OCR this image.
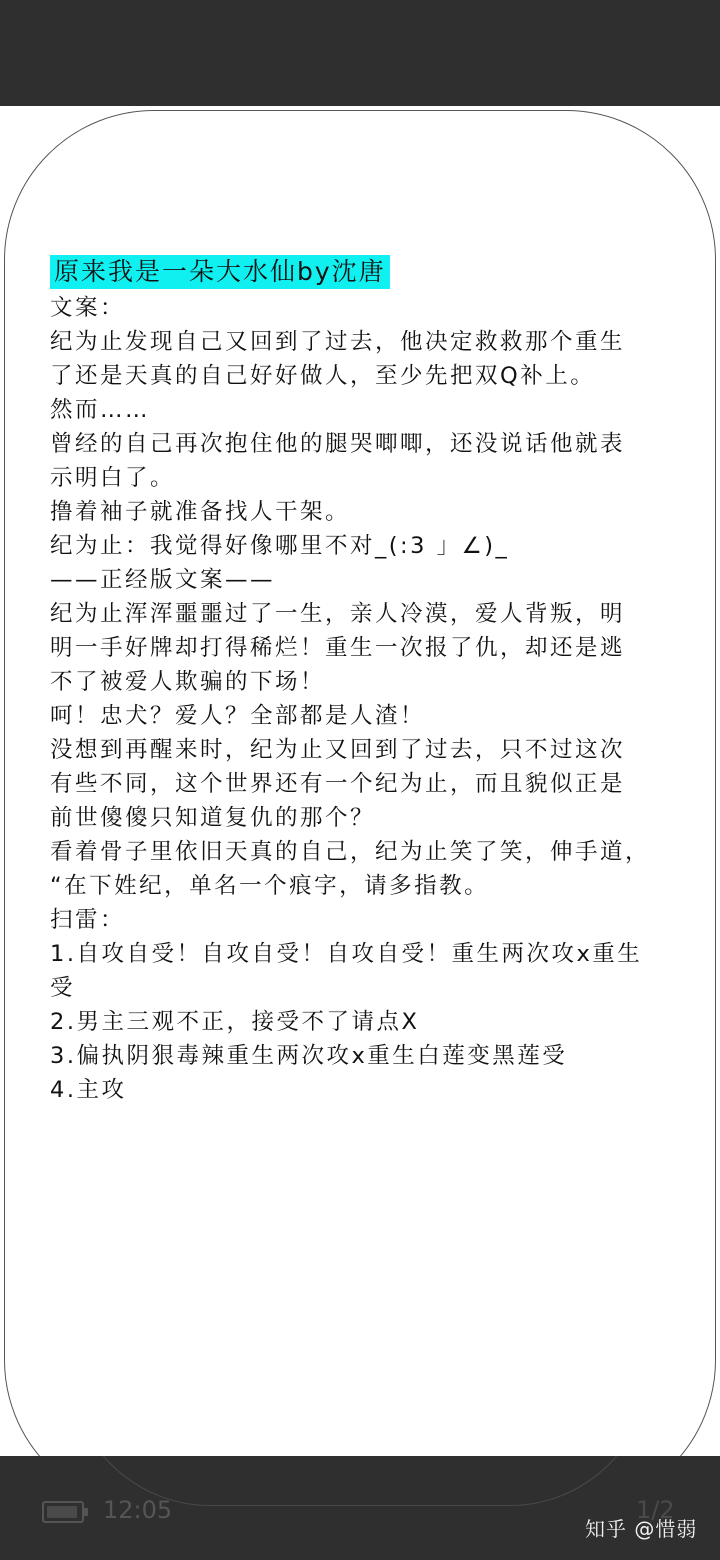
原来我是一朵大水仙by沈唐
文案：
纪为止发现自己又回到了过去，他决定救救那个重生
了还是天真的自己好好做人，至少先把双Q补上。
然而……
曾经的自己再次抱住他的腿哭唧唧，还没说话他就表
示明白了。
撸着袖子就准备找人干架。
纪为止：我觉得好像哪里不对_(:3 」∠)_
——正经版文案——
纪为止浑浑噩噩过了一生，亲人冷漠，爱人背叛，明
明一手好牌却打得稀烂！重生一次报了仇，却还是逃
不了被爱人欺骗的下场！
呵！忠犬？爱人？全部都是人渣！
没想到再醒来时，纪为止又回到了过去，只不过这次
有些不同，这个世界还有一个纪为止，而且貌似正是
前世傻傻只知道复仇的那个？
看着骨子里依旧天真的自己，纪为止笑了笑，伸手道，
“在下姓纪，单名一个痕字，请多指教。
扫雷：
1.自攻自受！自攻自受！自攻自受！重生两次攻x重生
受
2.男主三观不正，接受不了请点X
3.偏执阴狠毒辣重生两次攻x重生白莲变黑莲受
4.主攻
12:05	1/2
知乎 @惜弱
